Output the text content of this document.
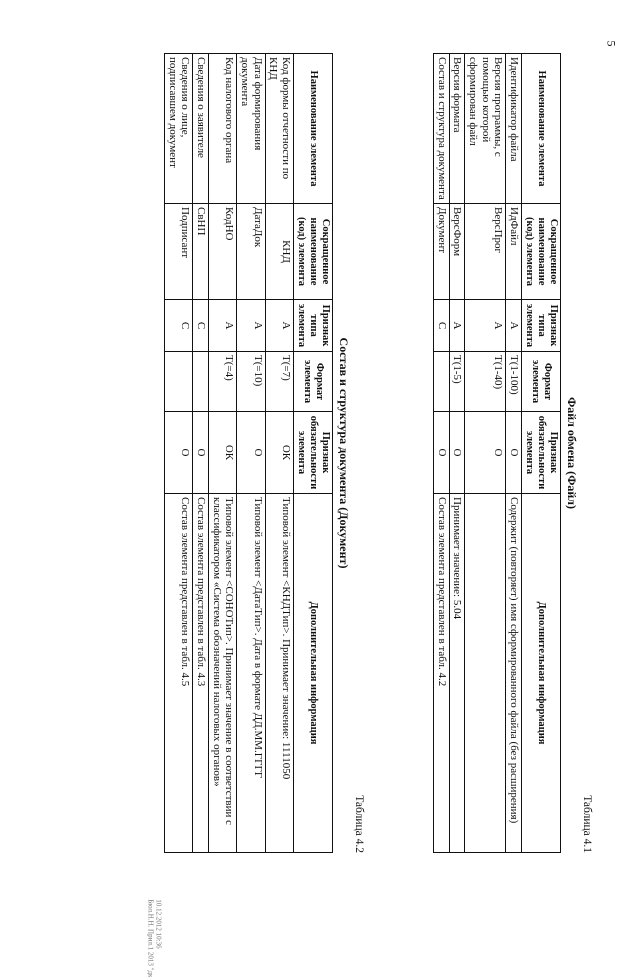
5

Таблица 4.1

Файл обмена (Файл)

Наименование элемента	Сокращенное наименование (код) элемента	Признак типа элемента	Формат элемента	Признак обязательности элемента	Дополнительная информация
Идентификатор файла	ИдФайл	А	T(1-100)	О	Содержит (повторяет) имя сформированного файла (без расширения)
Версия программы, с помощью которой сформирован файл	ВерсПрог	А	T(1-40)	О	
Версия формата	ВерсФорм	А	T(1-5)	О	Принимает значение: 5.04
Состав и структура документа	Документ	С		О	Состав элемента представлен в табл. 4.2

Таблица 4.2

Состав и структура документа (Документ)

Наименование элемента	Сокращенное наименование (код) элемента	Признак типа элемента	Формат элемента	Признак обязательности элемента	Дополнительная информация
Код формы отчетности по КНД	КНД	А	T(=7)	ОК	Типовой элемент <КНДТип>. Принимает значение: 1111050
Дата формирования документа	ДатаДок	А	T(=10)	О	Типовой элемент <ДатаТип>. Дата в формате ДД.ММ.ГГГГ
Код налогового органа	КодНО	А	T(=4)	ОК	Типовой элемент <СОНОТип>. Принимает значение в соответствии с классификатором «Система обозначений налоговых органов»
Сведения о заявителе	СвНП	С		О	Состав элемента представлен в табл. 4.3
Сведения о лице, подписавшем документ	Подписант	С		О	Состав элемента представлен в табл. 4.5
10.12.2012 10:36
Бюл.Н.Н. Прил.1 2013 "дк
